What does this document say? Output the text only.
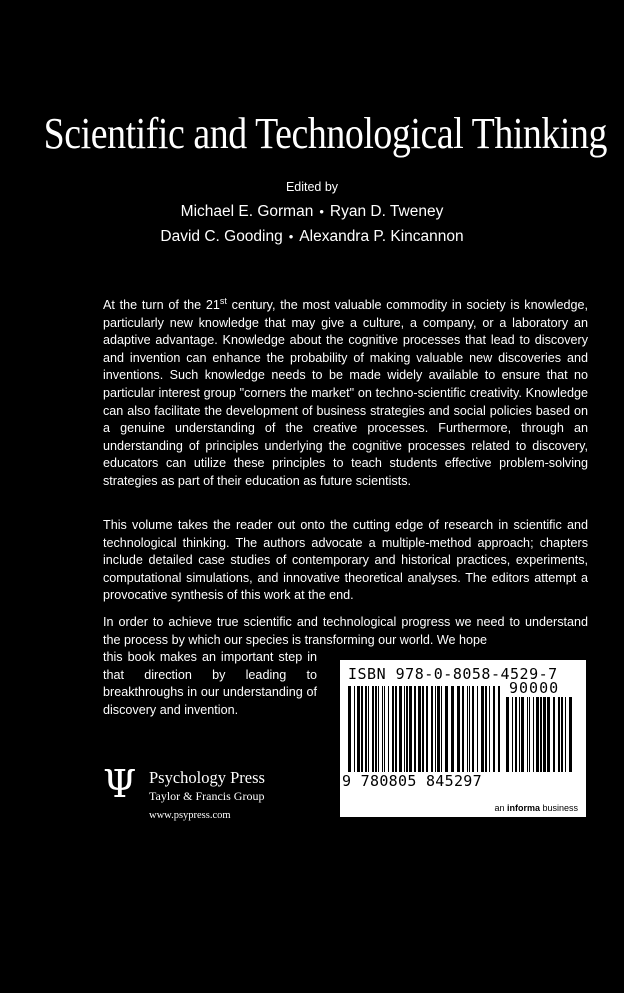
Scientific and Technological Thinking
Edited by
Michael E. Gorman • Ryan D. Tweney
David C. Gooding • Alexandra P. Kincannon
At the turn of the 21st century, the most valuable commodity in society is knowledge, particularly new knowledge that may give a culture, a company, or a laboratory an adaptive advantage. Knowledge about the cognitive processes that lead to discovery and invention can enhance the probability of making valuable new discoveries and inventions. Such knowledge needs to be made widely available to ensure that no particular interest group "corners the market" on techno-scientific creativity. Knowledge can also facilitate the development of business strategies and social policies based on a genuine understanding of the creative processes. Furthermore, through an understanding of principles underlying the cognitive processes related to discovery, educators can utilize these principles to teach students effective problem-solving strategies as part of their education as future scientists.
This volume takes the reader out onto the cutting edge of research in scientific and technological thinking. The authors advocate a multiple-method approach; chapters include detailed case studies of contemporary and historical practices, experiments, computational simulations, and innovative theoretical analyses. The editors attempt a provocative synthesis of this work at the end.
In order to achieve true scientific and technological progress we need to understand the process by which our species is transforming our world. We hope
this book makes an important step in that direction by leading to breakthroughs in our understanding of discovery and invention.
Ψ Psychology Press
Taylor & Francis Group
www.psypress.com
ISBN 978-0-8058-4529-7
90000
9 780805 845297
an informa business
